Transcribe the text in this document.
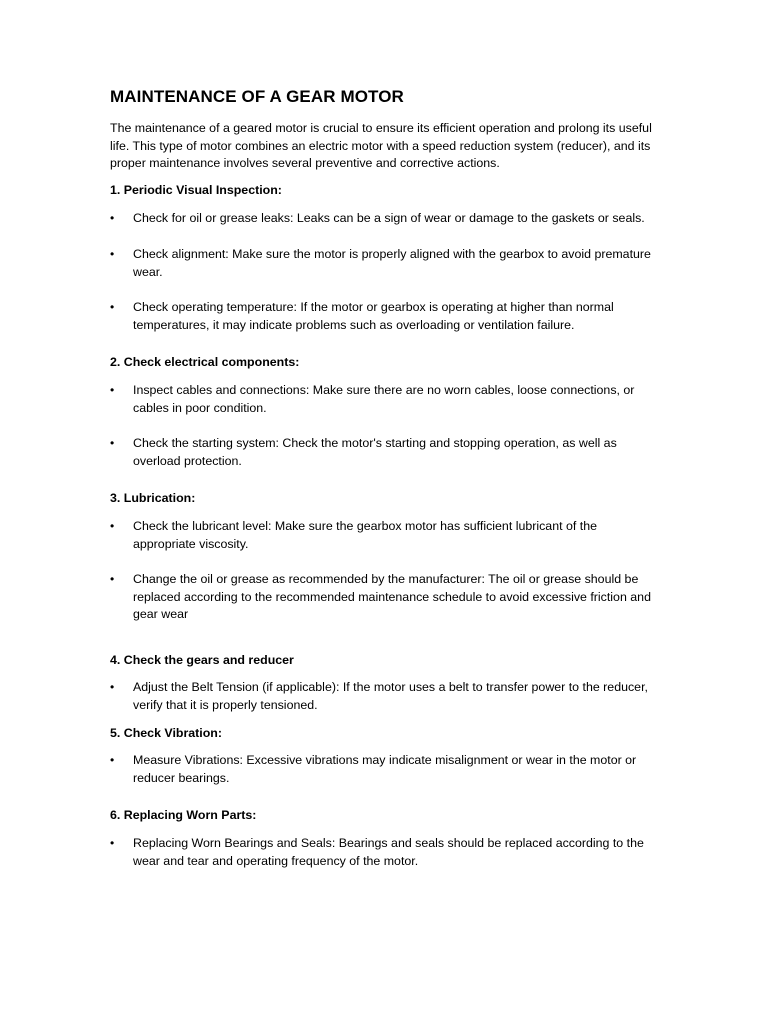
MAINTENANCE OF A GEAR MOTOR

The maintenance of a geared motor is crucial to ensure its efficient operation and prolong its useful life. This type of motor combines an electric motor with a speed reduction system (reducer), and its proper maintenance involves several preventive and corrective actions.

1. Periodic Visual Inspection:

•	Check for oil or grease leaks: Leaks can be a sign of wear or damage to the gaskets or seals.
•	Check alignment: Make sure the motor is properly aligned with the gearbox to avoid premature wear.
•	Check operating temperature: If the motor or gearbox is operating at higher than normal temperatures, it may indicate problems such as overloading or ventilation failure.

2. Check electrical components:

•	Inspect cables and connections: Make sure there are no worn cables, loose connections, or cables in poor condition.
•	Check the starting system: Check the motor's starting and stopping operation, as well as overload protection.

3. Lubrication:

•	Check the lubricant level: Make sure the gearbox motor has sufficient lubricant of the appropriate viscosity.
•	Change the oil or grease as recommended by the manufacturer: The oil or grease should be replaced according to the recommended maintenance schedule to avoid excessive friction and gear wear

4. Check the gears and reducer

•	Adjust the Belt Tension (if applicable): If the motor uses a belt to transfer power to the reducer, verify that it is properly tensioned.

5. Check Vibration:

•	Measure Vibrations: Excessive vibrations may indicate misalignment or wear in the motor or reducer bearings.

6. Replacing Worn Parts:

•	Replacing Worn Bearings and Seals: Bearings and seals should be replaced according to the wear and tear and operating frequency of the motor.
